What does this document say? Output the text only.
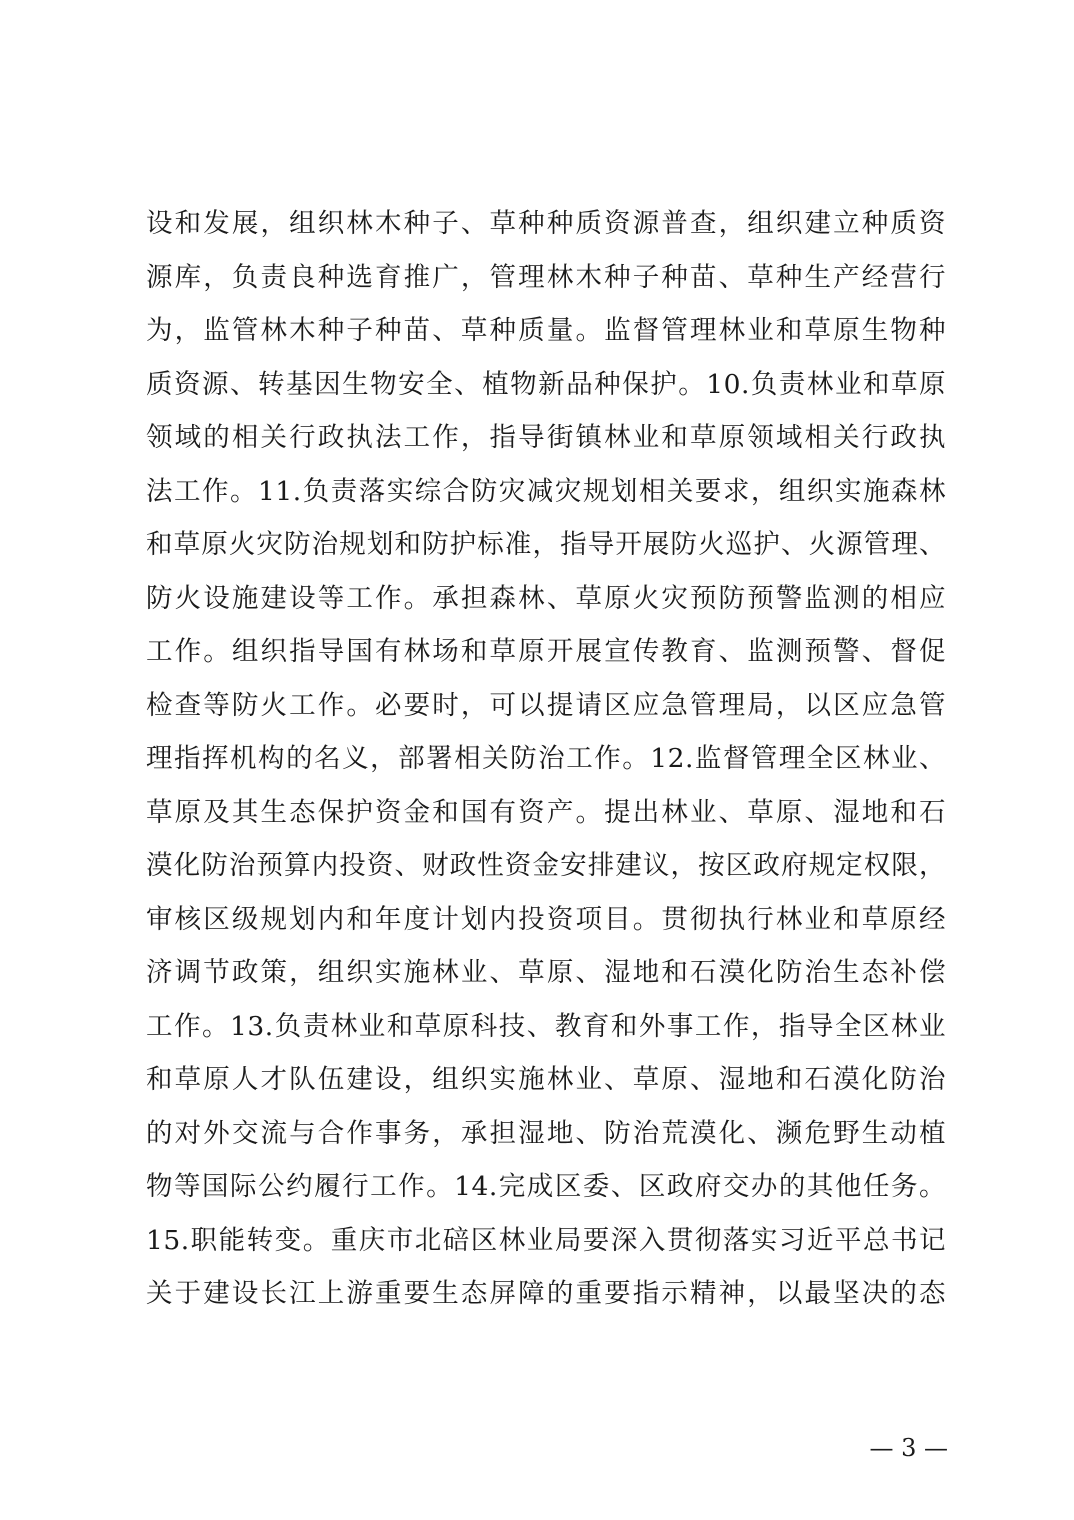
设和发展，组织林木种子、草种种质资源普查，组织建立种质资
源库，负责良种选育推广，管理林木种子种苗、草种生产经营行
为，监管林木种子种苗、草种质量。监督管理林业和草原生物种
质资源、转基因生物安全、植物新品种保护。10.负责林业和草原
领域的相关行政执法工作，指导街镇林业和草原领域相关行政执
法工作。11.负责落实综合防灾减灾规划相关要求，组织实施森林
和草原火灾防治规划和防护标准，指导开展防火巡护、火源管理、
防火设施建设等工作。承担森林、草原火灾预防预警监测的相应
工作。组织指导国有林场和草原开展宣传教育、监测预警、督促
检查等防火工作。必要时，可以提请区应急管理局，以区应急管
理指挥机构的名义，部署相关防治工作。12.监督管理全区林业、
草原及其生态保护资金和国有资产。提出林业、草原、湿地和石
漠化防治预算内投资、财政性资金安排建议，按区政府规定权限，
审核区级规划内和年度计划内投资项目。贯彻执行林业和草原经
济调节政策，组织实施林业、草原、湿地和石漠化防治生态补偿
工作。13.负责林业和草原科技、教育和外事工作，指导全区林业
和草原人才队伍建设，组织实施林业、草原、湿地和石漠化防治
的对外交流与合作事务，承担湿地、防治荒漠化、濒危野生动植
物等国际公约履行工作。14.完成区委、区政府交办的其他任务。
15.职能转变。重庆市北碚区林业局要深入贯彻落实习近平总书记
关于建设长江上游重要生态屏障的重要指示精神，以最坚决的态
— 3 —
